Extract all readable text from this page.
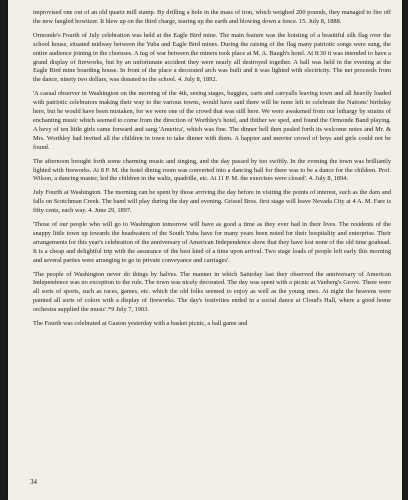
improvised one out of an old quartz mill stamp. By drilling a hole in the mass of iron, which weighed 200 pounds, they managed to fire off the new fangled howitzer. It blew up on the third charge, tearing up the earth and blowing down a fence. 15. July 8, 1888.

Ormonde's Fourth of July celebration was held at the Eagle Bird mine. The main feature was the hoisting of a beautiful silk flag over the school house, situated midway between the Yuba and Eagle Bird mines. During the raising of the flag many patriotic songs were sung, the entire audience joining in the choruses. A tug of war between the miners took place at M. A. Baugh's hotel. At 8:30 it was intended to have a grand display of fireworks, but by an unfortunate accident they were nearly all destroyed together. A ball was held in the evening at the Eagle Bird mine boarding house. In front of the place a decorated arch was built and it was lighted with electricity. The net proceeds from the dance, ninety two dollars, was donated to the school. 4. July 8, 1892.

'A casual observer in Washington on the morning of the 4th, seeing stages, buggies, carts and carryalls leaving town and all heavily loaded with patriotic celebrators making their way to the various towns, would have said there will be none left to celebrate the Nations' birthday here, but he would have been mistaken, for we were one of the crowd that was still here. We were awakened from our lethargy by strains of enchanting music which seemed to come from the direction of Worthley's hotel, and thither we sped, and found the Ormonde Band playing. A bevy of ten little girls came forward and sang 'America', which was fine. The dinner bell then pealed forth its welcome notes and Mr. & Mrs. Worthley had invited all the children in town to take dinner with them. A happier and merrier crowd of boys and girls could not be found.

The afternoon brought forth some charming music and singing, and the day passed by too swiftly. In the evening the town was brilliantly lighted with fireworks. At 8 P. M. the hotel dining room was converted into a dancing hall for there was to be a dance for the children. Prof. Wilson, a dancing master, led the children in the waltz, quadrille, etc. At 11 P. M. the exercises were closed'. 4. July 8, 1894.

July Fourth at Washington. The morning can be spent by those arriving the day before in visiting the points of interest, such as the dam and falls on Scotchman Creek. The band will play during the day and evening. Grissel Bros. first stage will leave Nevada City at 4 A. M. Fare is fifty cents, each way. 4. June 29, 1897.

'Those of our people who will go to Washington tomorrow will have as good a time as they ever had in their lives. The residents of the snappy little town up towards the headwaters of the South Yuba have for many years been noted for their hospitality and enterprise. Their arrangements for this year's celebration of the anniversary of American Independence show that they have lost none of the old time goahead. It is a cheap and delightful trip with the assurance of the best kind of a time upon arrival. Two stage loads of people left early this morning and several parties were arranging to go in private conveyance and carriages'.

'The people of Washington never do things by halves. The manner in which Saturday last they observed the anniversary of American Independence was no exception to the rule. The town was nicely decorated. The day was spent with a picnic at Vanberg's Grove. There were all sorts of sports, such as races, games, etc. which the old folks seemed to enjoy as well as the young ones. At night the heavens were painted all sorts of colors with a display of fireworks. The day's festivities ended in a social dance at Cloud's Hall, where a good home orchestra supplied the music'.*9 July 7, 1903.

The Fourth was celebrated at Gaston yesterday with a basket picnic, a ball game and

34
